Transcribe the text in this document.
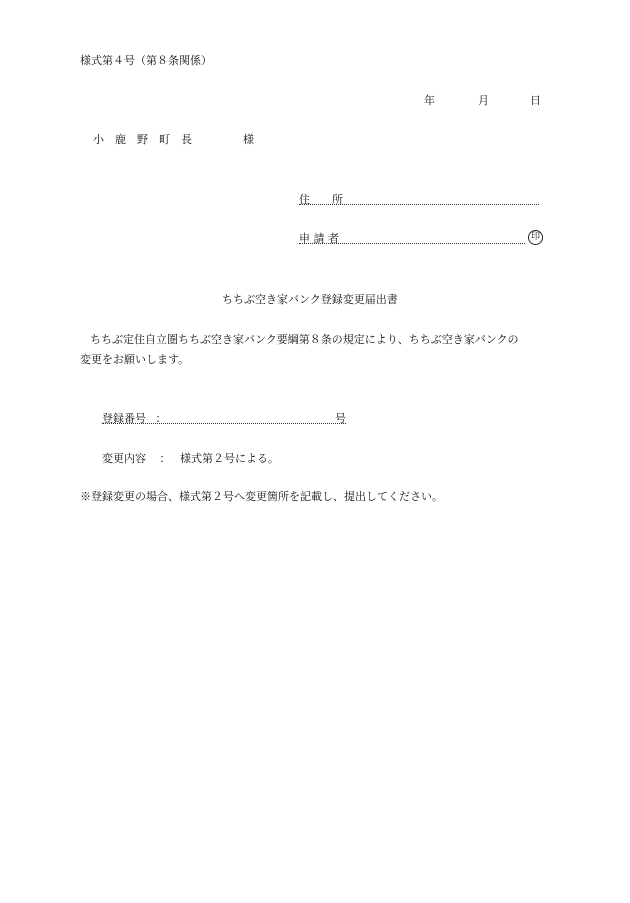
様式第４号（第８条関係）
年	月	日
小　鹿　野　町　長	様
住　　所
申 請 者	印
ちちぶ空き家バンク登録変更届出書
ちちぶ定住自立圏ちちぶ空き家バンク要綱第８条の規定により、ちちぶ空き家バンクの
変更をお願いします。
登録番号 ：	号
変更内容 ： 様式第２号による。
※登録変更の場合、様式第２号へ変更箇所を記載し、提出してください。
